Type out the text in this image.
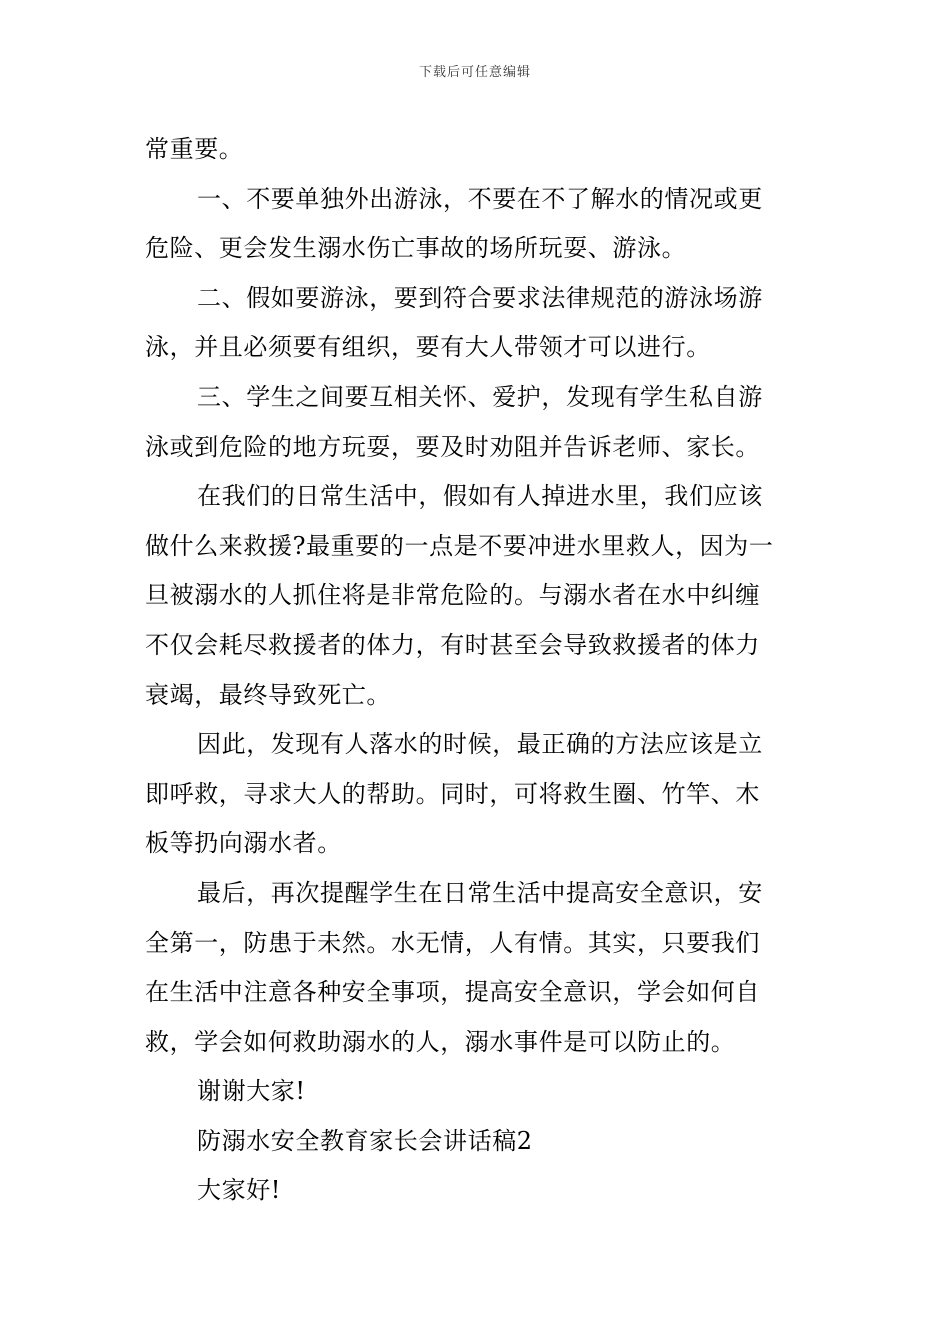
下载后可任意编辑
常重要。
一、不要单独外出游泳，不要在不了解水的情况或更
危险、更会发生溺水伤亡事故的场所玩耍、游泳。
二、假如要游泳，要到符合要求法律规范的游泳场游
泳，并且必须要有组织，要有大人带领才可以进行。
三、学生之间要互相关怀、爱护，发现有学生私自游
泳或到危险的地方玩耍，要及时劝阻并告诉老师、家长。
在我们的日常生活中，假如有人掉进水里，我们应该
做什么来救援?最重要的一点是不要冲进水里救人，因为一
旦被溺水的人抓住将是非常危险的。与溺水者在水中纠缠
不仅会耗尽救援者的体力，有时甚至会导致救援者的体力
衰竭，最终导致死亡。
因此，发现有人落水的时候，最正确的方法应该是立
即呼救，寻求大人的帮助。同时，可将救生圈、竹竿、木
板等扔向溺水者。
最后，再次提醒学生在日常生活中提高安全意识，安
全第一，防患于未然。水无情，人有情。其实，只要我们
在生活中注意各种安全事项，提高安全意识，学会如何自
救，学会如何救助溺水的人，溺水事件是可以防止的。
谢谢大家!
防溺水安全教育家长会讲话稿2
大家好!
